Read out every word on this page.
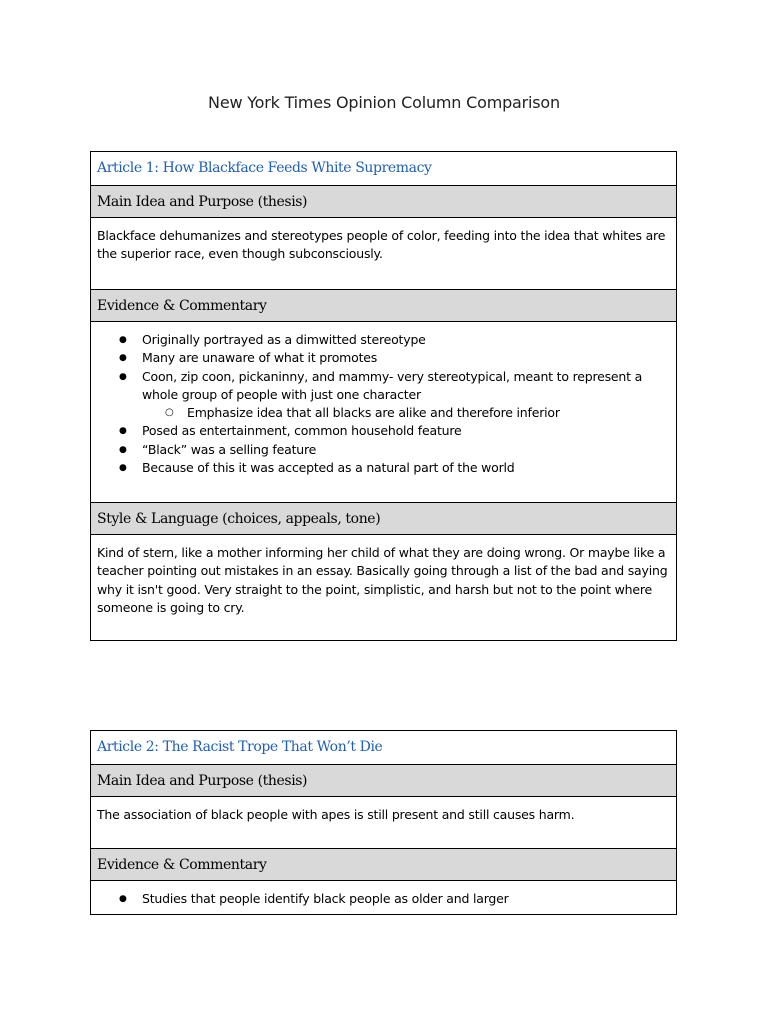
New York Times Opinion Column Comparison
Article 1: How Blackface Feeds White Supremacy
Main Idea and Purpose (thesis)
Blackface dehumanizes and stereotypes people of color, feeding into the idea that whites are the superior race, even though subconsciously.
Evidence & Commentary
● Originally portrayed as a dimwitted stereotype
● Many are unaware of what it promotes
● Coon, zip coon, pickaninny, and mammy- very stereotypical, meant to represent a whole group of people with just one character
○ Emphasize idea that all blacks are alike and therefore inferior
● Posed as entertainment, common household feature
● “Black” was a selling feature
● Because of this it was accepted as a natural part of the world
Style & Language (choices, appeals, tone)
Kind of stern, like a mother informing her child of what they are doing wrong. Or maybe like a teacher pointing out mistakes in an essay. Basically going through a list of the bad and saying why it isn't good. Very straight to the point, simplistic, and harsh but not to the point where someone is going to cry.
Article 2: The Racist Trope That Won’t Die
Main Idea and Purpose (thesis)
The association of black people with apes is still present and still causes harm.
Evidence & Commentary
● Studies that people identify black people as older and larger
